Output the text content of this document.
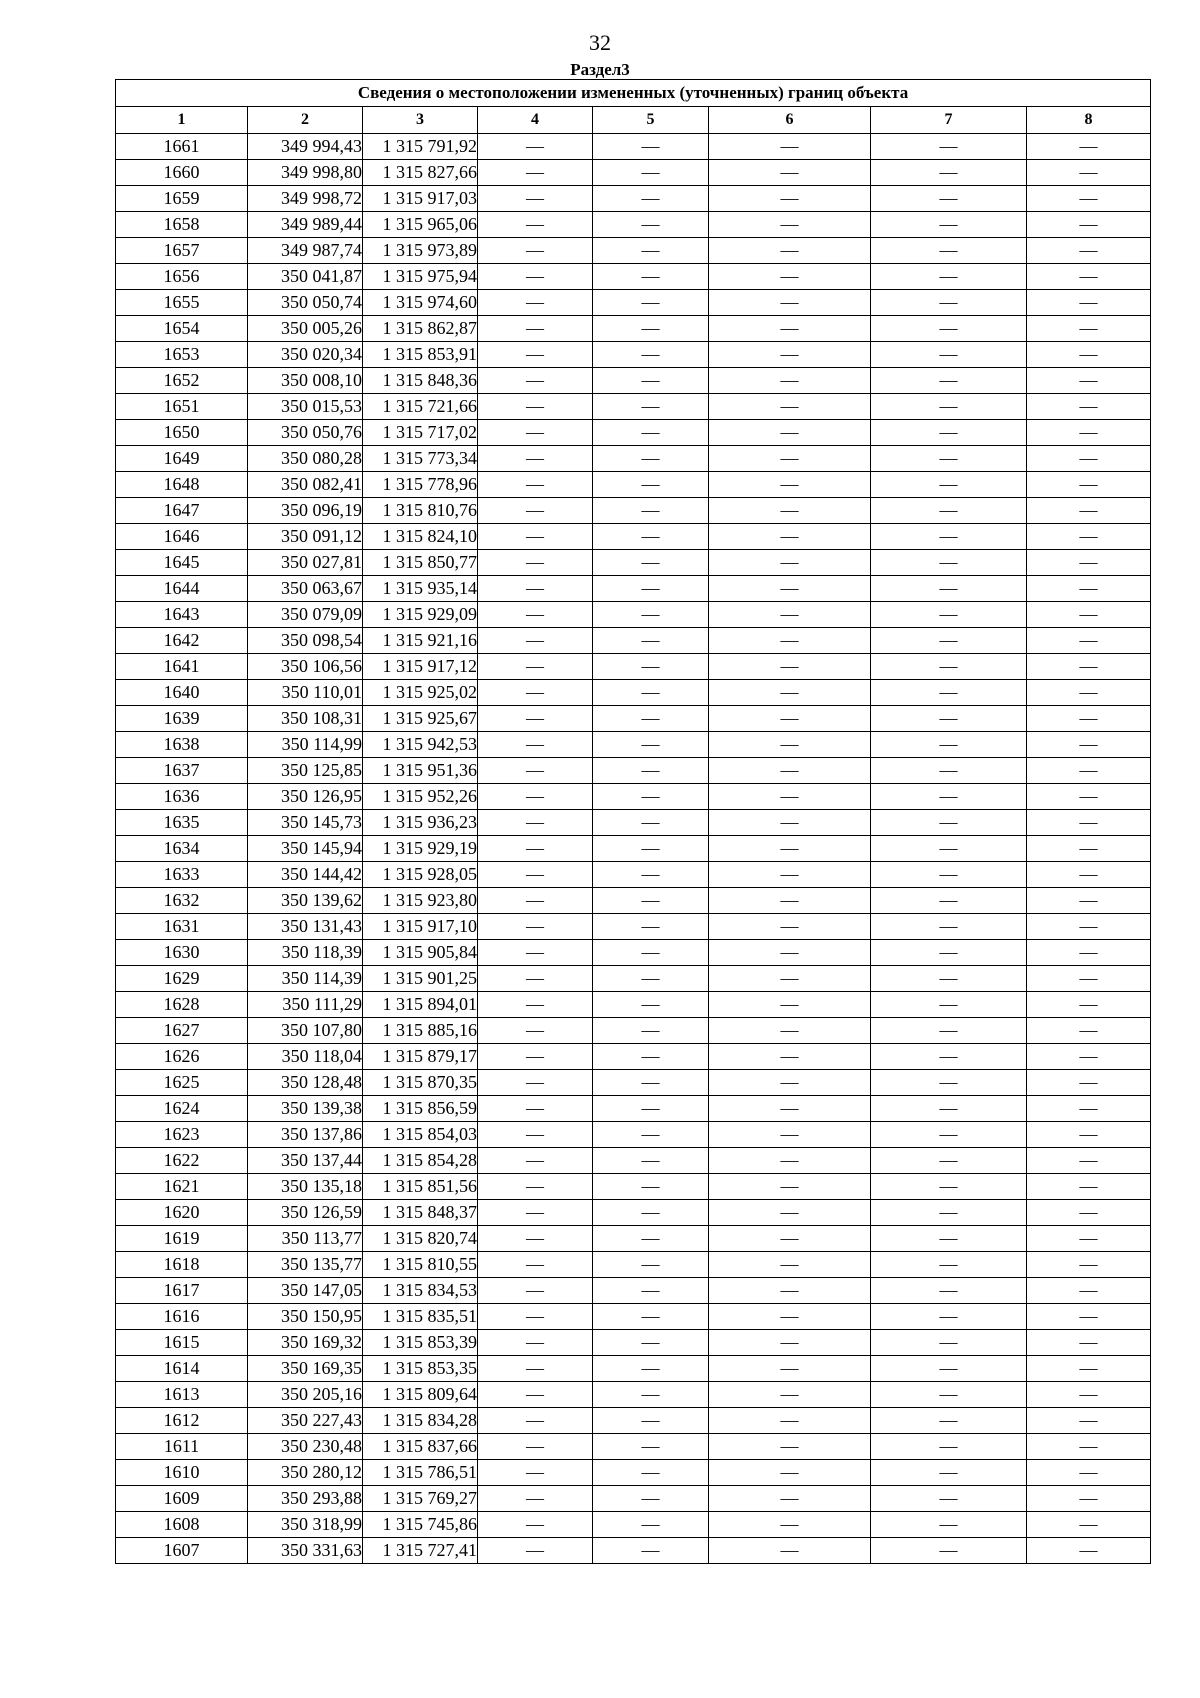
32
Раздел3
Сведения о местоположении измененных (уточненных) границ объекта							
1	2	3	4	5	6	7	8
1661	349 994,43	1 315 791,92	—	—	—	—	—
1660	349 998,80	1 315 827,66	—	—	—	—	—
1659	349 998,72	1 315 917,03	—	—	—	—	—
1658	349 989,44	1 315 965,06	—	—	—	—	—
1657	349 987,74	1 315 973,89	—	—	—	—	—
1656	350 041,87	1 315 975,94	—	—	—	—	—
1655	350 050,74	1 315 974,60	—	—	—	—	—
1654	350 005,26	1 315 862,87	—	—	—	—	—
1653	350 020,34	1 315 853,91	—	—	—	—	—
1652	350 008,10	1 315 848,36	—	—	—	—	—
1651	350 015,53	1 315 721,66	—	—	—	—	—
1650	350 050,76	1 315 717,02	—	—	—	—	—
1649	350 080,28	1 315 773,34	—	—	—	—	—
1648	350 082,41	1 315 778,96	—	—	—	—	—
1647	350 096,19	1 315 810,76	—	—	—	—	—
1646	350 091,12	1 315 824,10	—	—	—	—	—
1645	350 027,81	1 315 850,77	—	—	—	—	—
1644	350 063,67	1 315 935,14	—	—	—	—	—
1643	350 079,09	1 315 929,09	—	—	—	—	—
1642	350 098,54	1 315 921,16	—	—	—	—	—
1641	350 106,56	1 315 917,12	—	—	—	—	—
1640	350 110,01	1 315 925,02	—	—	—	—	—
1639	350 108,31	1 315 925,67	—	—	—	—	—
1638	350 114,99	1 315 942,53	—	—	—	—	—
1637	350 125,85	1 315 951,36	—	—	—	—	—
1636	350 126,95	1 315 952,26	—	—	—	—	—
1635	350 145,73	1 315 936,23	—	—	—	—	—
1634	350 145,94	1 315 929,19	—	—	—	—	—
1633	350 144,42	1 315 928,05	—	—	—	—	—
1632	350 139,62	1 315 923,80	—	—	—	—	—
1631	350 131,43	1 315 917,10	—	—	—	—	—
1630	350 118,39	1 315 905,84	—	—	—	—	—
1629	350 114,39	1 315 901,25	—	—	—	—	—
1628	350 111,29	1 315 894,01	—	—	—	—	—
1627	350 107,80	1 315 885,16	—	—	—	—	—
1626	350 118,04	1 315 879,17	—	—	—	—	—
1625	350 128,48	1 315 870,35	—	—	—	—	—
1624	350 139,38	1 315 856,59	—	—	—	—	—
1623	350 137,86	1 315 854,03	—	—	—	—	—
1622	350 137,44	1 315 854,28	—	—	—	—	—
1621	350 135,18	1 315 851,56	—	—	—	—	—
1620	350 126,59	1 315 848,37	—	—	—	—	—
1619	350 113,77	1 315 820,74	—	—	—	—	—
1618	350 135,77	1 315 810,55	—	—	—	—	—
1617	350 147,05	1 315 834,53	—	—	—	—	—
1616	350 150,95	1 315 835,51	—	—	—	—	—
1615	350 169,32	1 315 853,39	—	—	—	—	—
1614	350 169,35	1 315 853,35	—	—	—	—	—
1613	350 205,16	1 315 809,64	—	—	—	—	—
1612	350 227,43	1 315 834,28	—	—	—	—	—
1611	350 230,48	1 315 837,66	—	—	—	—	—
1610	350 280,12	1 315 786,51	—	—	—	—	—
1609	350 293,88	1 315 769,27	—	—	—	—	—
1608	350 318,99	1 315 745,86	—	—	—	—	—
1607	350 331,63	1 315 727,41	—	—	—	—	—
